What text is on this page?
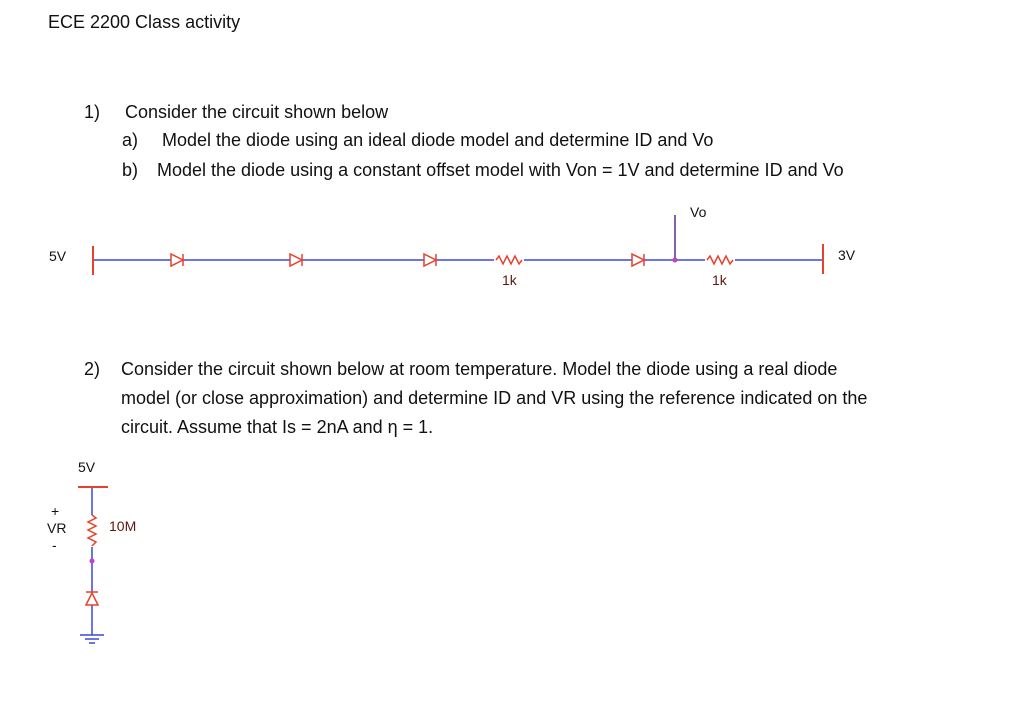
ECE 2200 Class activity
1) Consider the circuit shown below
a) Model the diode using an ideal diode model and determine ID and Vo
b) Model the diode using a constant offset model with Von = 1V and determine ID and Vo
5V	3V
Vo
1k	1k
2) Consider the circuit shown below at room temperature. Model the diode using a real diode
model (or close approximation) and determine ID and VR using the reference indicated on the
circuit. Assume that Is = 2nA and η = 1.
5V
10M
+
VR
-
